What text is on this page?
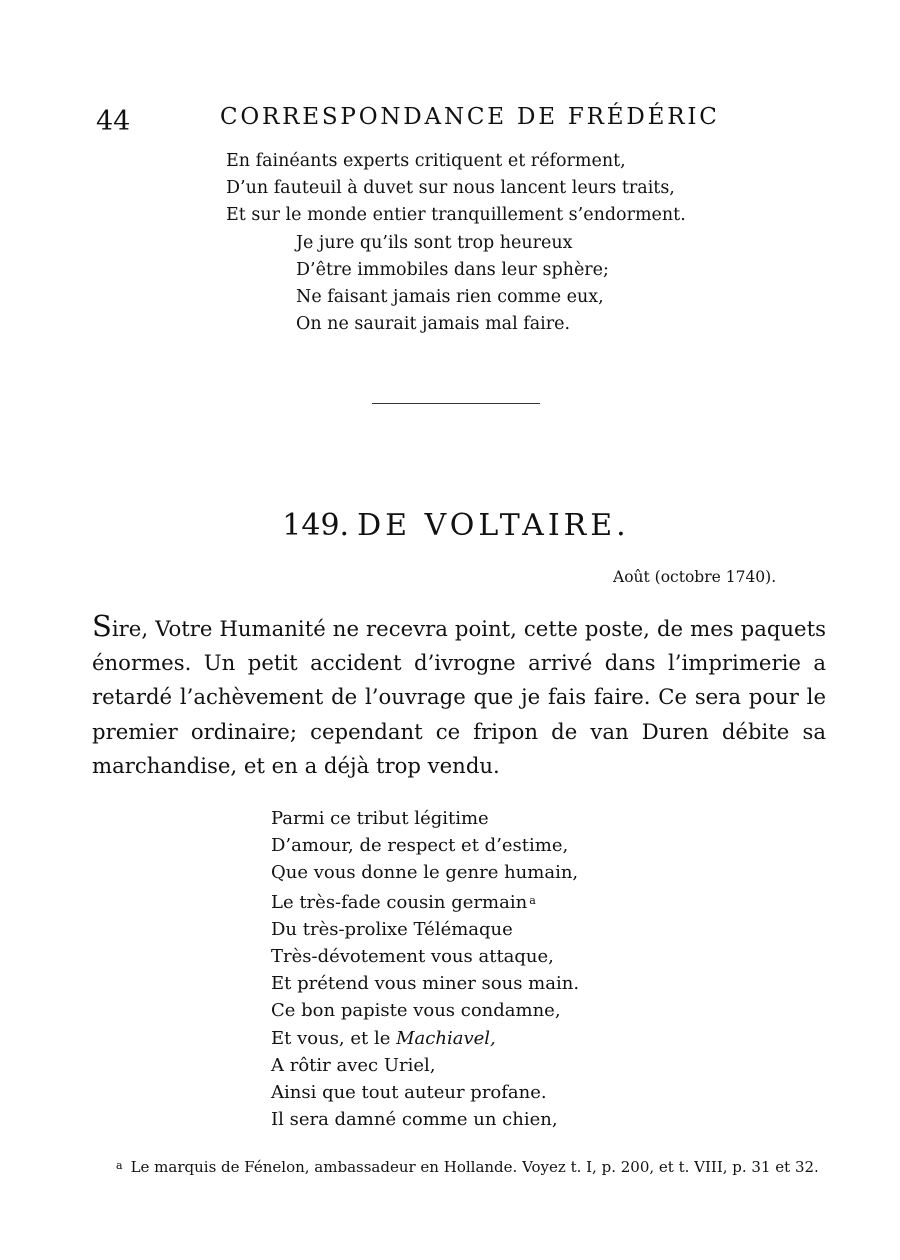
44	CORRESPONDANCE DE FRÉDÉRIC
En fainéants experts critiquent et réforment,
D’un fauteuil à duvet sur nous lancent leurs traits,
Et sur le monde entier tranquillement s’endorment.
Je jure qu’ils sont trop heureux
D’être immobiles dans leur sphère;
Ne faisant jamais rien comme eux,
On ne saurait jamais mal faire.
149. DE VOLTAIRE.
Août (octobre 1740).
Sire, Votre Humanité ne recevra point, cette poste, de mes paquets énormes. Un petit accident d’ivrogne arrivé dans l’imprimerie a retardé l’achèvement de l’ouvrage que je fais faire. Ce sera pour le premier ordinaire; cependant ce fripon de van Duren débite sa marchandise, et en a déjà trop vendu.
Parmi ce tribut légitime
D’amour, de respect et d’estime,
Que vous donne le genre humain,
Le très-fade cousin germain $^a$
Du très-prolixe Télémaque
Très-dévotement vous attaque,
Et prétend vous miner sous main.
Ce bon papiste vous condamne,
Et vous, et le Machiavel,
A rôtir avec Uriel,
Ainsi que tout auteur profane.
Il sera damné comme un chien,
$^a$ Le marquis de Fénelon, ambassadeur en Hollande. Voyez t. I, p. 200, et t. VIII, p. 31 et 32.
